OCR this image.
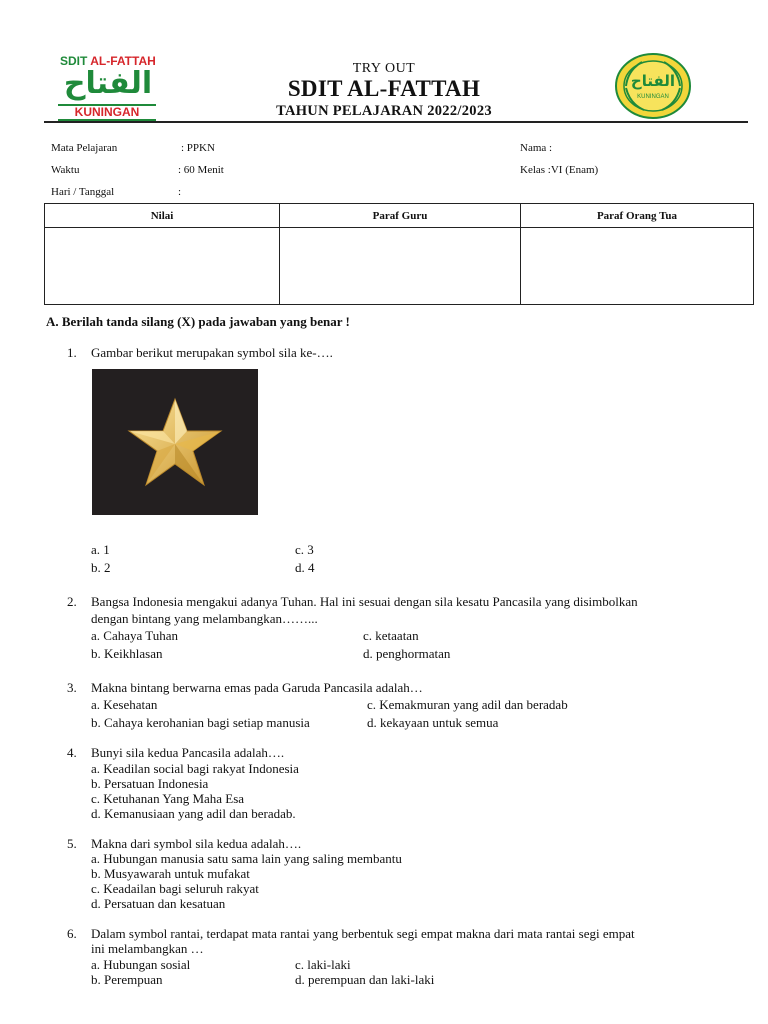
SDIT AL-FATTAH
الفتاح
KUNINGAN
TRY OUT
SDIT AL-FATTAH
TAHUN PELAJARAN 2022/2023
الفتاح
KUNINGAN
Mata Pelajaran	: PPKN
Waktu	: 60 Menit
Hari / Tanggal	:
Nama :
Kelas :VI (Enam)
Nilai	Paraf Guru	Paraf Orang Tua

A. Berilah tanda silang (X) pada jawaban yang benar !
1. Gambar berikut merupakan symbol sila ke-….
a. 1	c. 3
b. 2	d. 4
2. Bangsa Indonesia mengakui adanya Tuhan. Hal ini sesuai dengan sila kesatu Pancasila yang disimbolkan
dengan bintang yang melambangkan……...
a. Cahaya Tuhan	c. ketaatan
b. Keikhlasan	d. penghormatan
3. Makna bintang berwarna emas pada Garuda Pancasila adalah…
a. Kesehatan	c. Kemakmuran yang adil dan beradab
b. Cahaya kerohanian bagi setiap manusia	d. kekayaan untuk semua
4. Bunyi sila kedua Pancasila adalah….
a. Keadilan social bagi rakyat Indonesia
b. Persatuan Indonesia
c. Ketuhanan Yang Maha Esa
d. Kemanusiaan yang adil dan beradab.
5. Makna dari symbol sila kedua adalah….
a. Hubungan manusia satu sama lain yang saling membantu
b. Musyawarah untuk mufakat
c. Keadailan bagi seluruh rakyat
d. Persatuan dan kesatuan
6. Dalam symbol rantai, terdapat mata rantai yang berbentuk segi empat makna dari mata rantai segi empat
ini melambangkan …
a. Hubungan sosial	c. laki-laki
b. Perempuan	d. perempuan dan laki-laki
